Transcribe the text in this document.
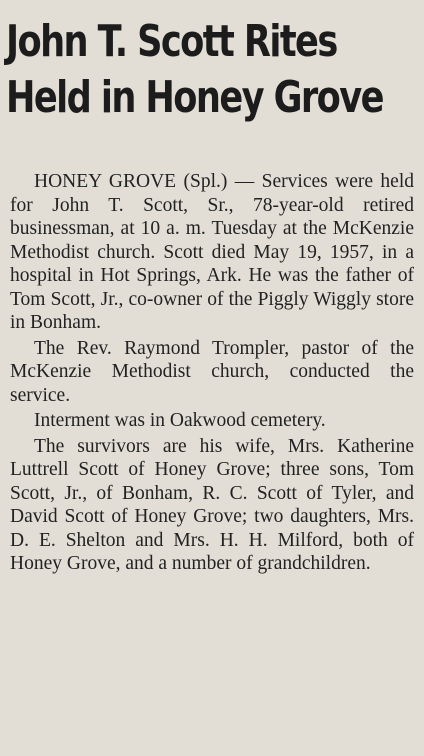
John T. Scott Rites
Held in Honey Grove

HONEY GROVE (Spl.) — Services were held for John T. Scott, Sr., 78-year-old retired businessman, at 10 a. m. Tuesday at the McKenzie Methodist church. Scott died May 19, 1957, in a hospital in Hot Springs, Ark. He was the father of Tom Scott, Jr., co-owner of the Piggly Wiggly store in Bonham.

The Rev. Raymond Trompler, pastor of the McKenzie Methodist church, conducted the service.

Interment was in Oakwood cemetery.

The survivors are his wife, Mrs. Katherine Luttrell Scott of Honey Grove; three sons, Tom Scott, Jr., of Bonham, R. C. Scott of Tyler, and David Scott of Honey Grove; two daughters, Mrs. D. E. Shelton and Mrs. H. H. Milford, both of Honey Grove, and a number of grandchildren.
